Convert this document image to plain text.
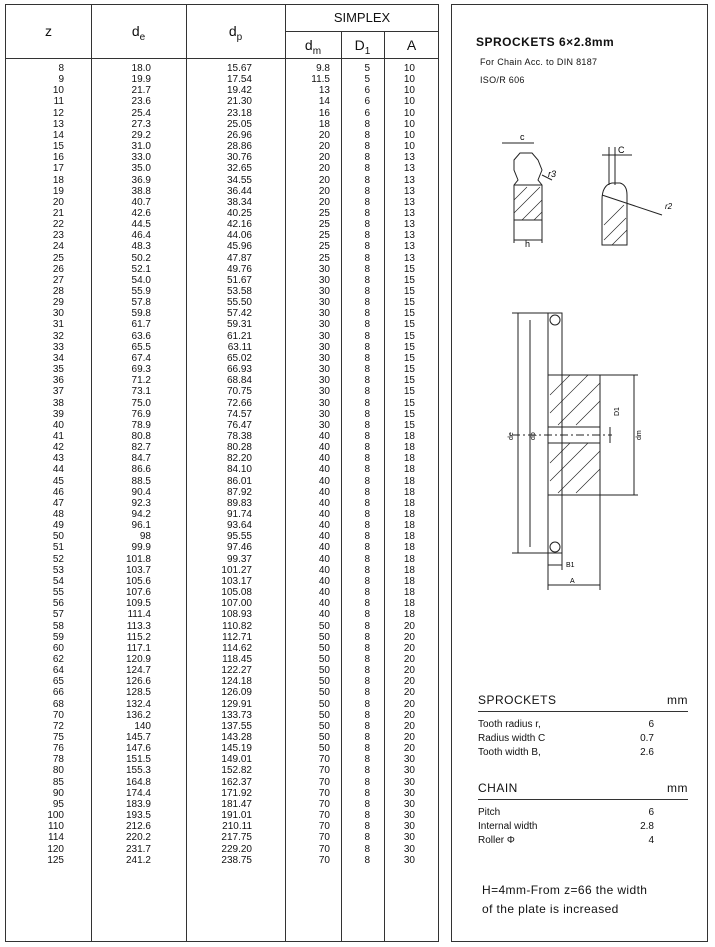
z	$d_e$	$d_p$
SIMPLEX
$d_m$	$D_1$	A
8	18.0	15.67	9.8	5	10
9	19.9	17.54	11.5	5	10
10	21.7	19.42	13	6	10
11	23.6	21.30	14	6	10
12	25.4	23.18	16	6	10
13	27.3	25.05	18	8	10
14	29.2	26.96	20	8	10
15	31.0	28.86	20	8	10
16	33.0	30.76	20	8	13
17	35.0	32.65	20	8	13
18	36.9	34.55	20	8	13
19	38.8	36.44	20	8	13
20	40.7	38.34	20	8	13
21	42.6	40.25	25	8	13
22	44.5	42.16	25	8	13
23	46.4	44.06	25	8	13
24	48.3	45.96	25	8	13
25	50.2	47.87	25	8	13
26	52.1	49.76	30	8	15
27	54.0	51.67	30	8	15
28	55.9	53.58	30	8	15
29	57.8	55.50	30	8	15
30	59.8	57.42	30	8	15
31	61.7	59.31	30	8	15
32	63.6	61.21	30	8	15
33	65.5	63.11	30	8	15
34	67.4	65.02	30	8	15
35	69.3	66.93	30	8	15
36	71.2	68.84	30	8	15
37	73.1	70.75	30	8	15
38	75.0	72.66	30	8	15
39	76.9	74.57	30	8	15
40	78.9	76.47	30	8	15
41	80.8	78.38	40	8	18
42	82.7	80.28	40	8	18
43	84.7	82.20	40	8	18
44	86.6	84.10	40	8	18
45	88.5	86.01	40	8	18
46	90.4	87.92	40	8	18
47	92.3	89.83	40	8	18
48	94.2	91.74	40	8	18
49	96.1	93.64	40	8	18
50	98	95.55	40	8	18
51	99.9	97.46	40	8	18
52	101.8	99.37	40	8	18
53	103.7	101.27	40	8	18
54	105.6	103.17	40	8	18
55	107.6	105.08	40	8	18
56	109.5	107.00	40	8	18
57	111.4	108.93	40	8	18
58	113.3	110.82	50	8	20
59	115.2	112.71	50	8	20
60	117.1	114.62	50	8	20
62	120.9	118.45	50	8	20
64	124.7	122.27	50	8	20
65	126.6	124.18	50	8	20
66	128.5	126.09	50	8	20
68	132.4	129.91	50	8	20
70	136.2	133.73	50	8	20
72	140	137.55	50	8	20
75	145.7	143.28	50	8	20
76	147.6	145.19	50	8	20
78	151.5	149.01	70	8	30
80	155.3	152.82	70	8	30
85	164.8	162.37	70	8	30
90	174.4	171.92	70	8	30
95	183.9	181.47	70	8	30
100	193.5	191.01	70	8	30
110	212.6	210.11	70	8	30
114	220.2	217.75	70	8	30
120	231.7	229.20	70	8	30
125	241.2	238.75	70	8	30
SPROCKETS 6×2.8mm
For Chain Acc. to DIN 8187
ISO/R 606
c
r3
h
C
r2
de dp
D1
dm
B1
A
SPROCKETS	mm
Tooth radius r,	6
Radius width C	0.7
Tooth width B,	2.6
CHAIN	mm
Pitch	6
Internal width	2.8
Roller Φ	4
H=4mm-From z=66 the width
of the plate is increased
